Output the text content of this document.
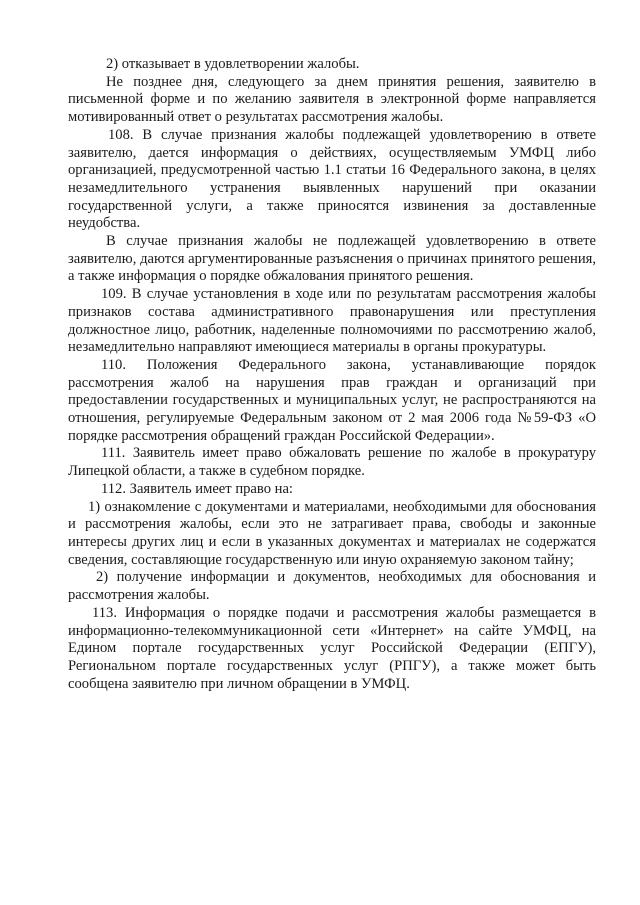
2) отказывает в удовлетворении жалобы.

Не позднее дня, следующего за днем принятия решения, заявителю в письменной форме и по желанию заявителя в электронной форме направляется мотивированный ответ о результатах рассмотрения жалобы.

108. В случае признания жалобы подлежащей удовлетворению в ответе заявителю, дается информация о действиях, осуществляемым УМФЦ либо организацией, предусмотренной частью 1.1 статьи 16 Федерального закона, в целях незамедлительного устранения выявленных нарушений при оказании государственной услуги, а также приносятся извинения за доставленные неудобства.

В случае признания жалобы не подлежащей удовлетворению в ответе заявителю, даются аргументированные разъяснения о причинах принятого решения, а также информация о порядке обжалования принятого решения.

109. В случае установления в ходе или по результатам рассмотрения жалобы признаков состава административного правонарушения или преступления должностное лицо, работник, наделенные полномочиями по рассмотрению жалоб, незамедлительно направляют имеющиеся материалы в органы прокуратуры.

110. Положения Федерального закона, устанавливающие порядок рассмотрения жалоб на нарушения прав граждан и организаций при предоставлении государственных и муниципальных услуг, не распространяются на отношения, регулируемые Федеральным законом от 2 мая 2006 года №59-ФЗ «О порядке рассмотрения обращений граждан Российской Федерации».

111. Заявитель имеет право обжаловать решение по жалобе в прокуратуру Липецкой области, а также в судебном порядке.

112. Заявитель имеет право на:

1) ознакомление с документами и материалами, необходимыми для обоснования и рассмотрения жалобы, если это не затрагивает права, свободы и законные интересы других лиц и если в указанных документах и материалах не содержатся сведения, составляющие государственную или иную охраняемую законом тайну;

2) получение информации и документов, необходимых для обоснования и рассмотрения жалобы.

113. Информация о порядке подачи и рассмотрения жалобы размещается в информационно-телекоммуникационной сети «Интернет» на сайте УМФЦ, на Едином портале государственных услуг Российской Федерации (ЕПГУ), Региональном портале государственных услуг (РПГУ), а также может быть сообщена заявителю при личном обращении в УМФЦ.
